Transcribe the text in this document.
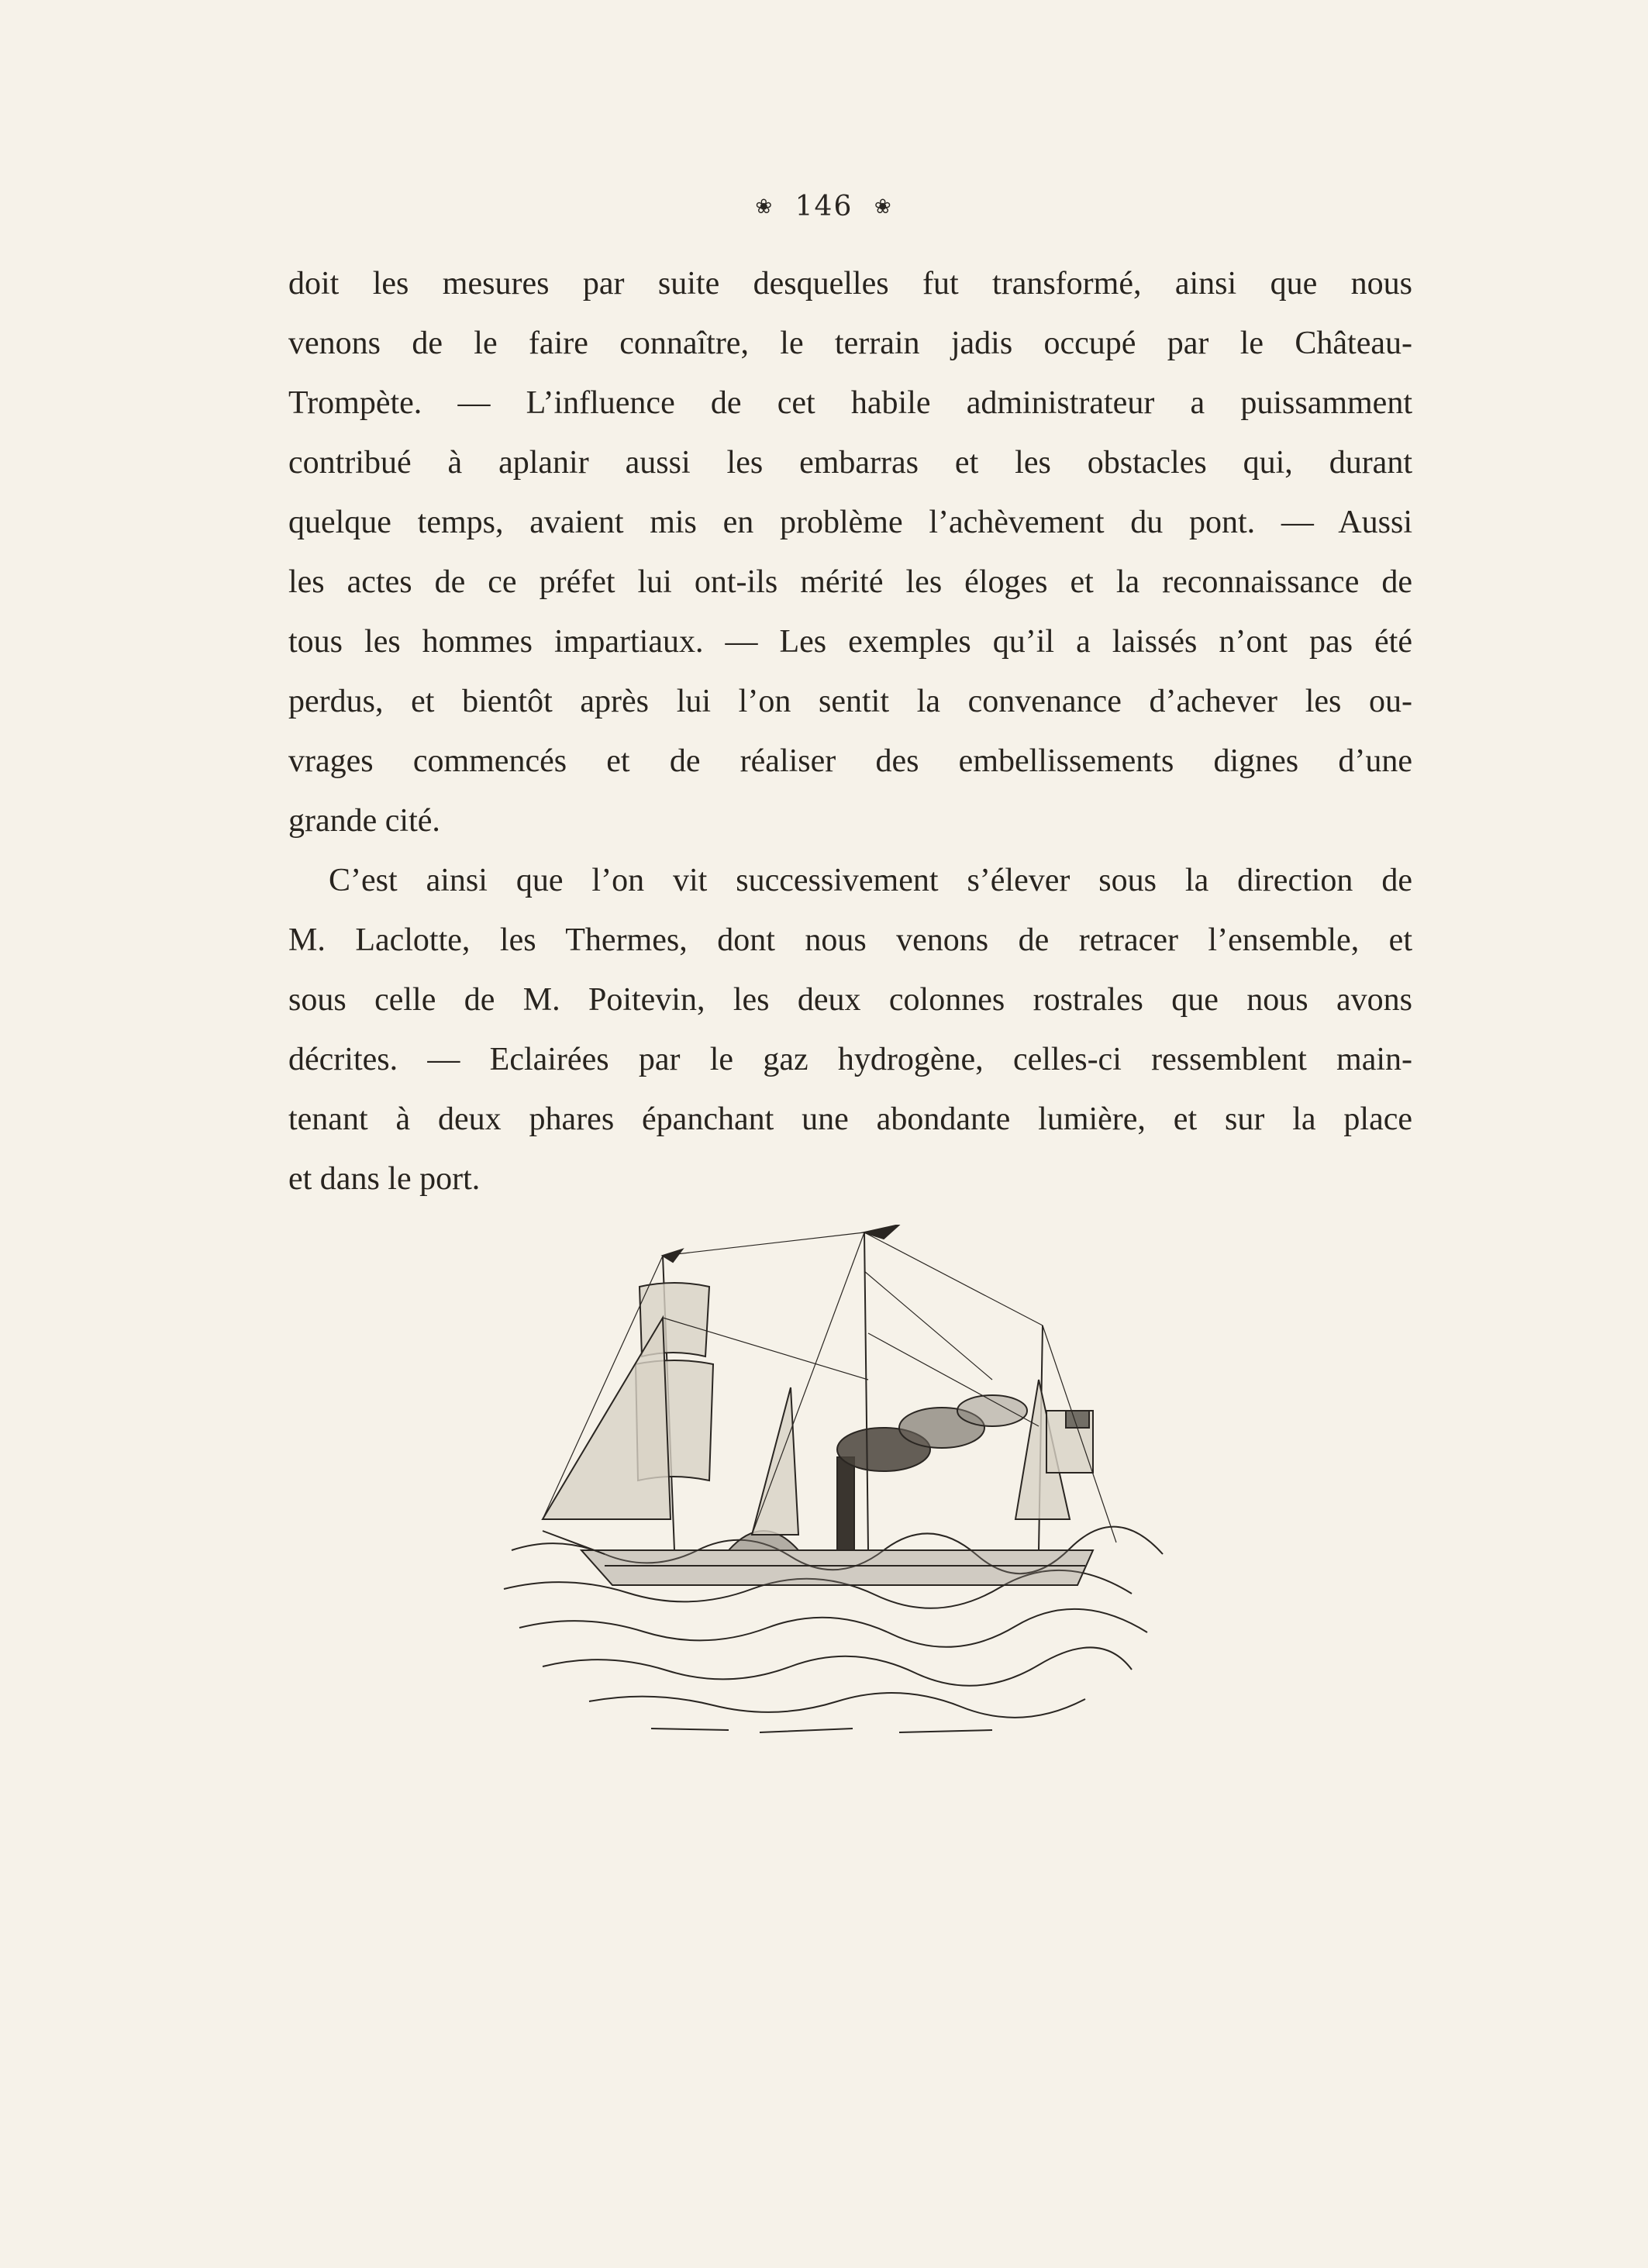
❀ 146 ❀
doit les mesures par suite desquelles fut transformé, ainsi que nous
venons de le faire connaître, le terrain jadis occupé par le Château-
Trompète. — L’influence de cet habile administrateur a puissamment
contribué à aplanir aussi les embarras et les obstacles qui, durant
quelque temps, avaient mis en problème l’achèvement du pont. — Aussi
les actes de ce préfet lui ont-ils mérité les éloges et la reconnaissance de
tous les hommes impartiaux. — Les exemples qu’il a laissés n’ont pas été
perdus, et bientôt après lui l’on sentit la convenance d’achever les ou-
vrages commencés et de réaliser des embellissements dignes d’une
grande cité.
C’est ainsi que l’on vit successivement s’élever sous la direction de
M. Laclotte, les Thermes, dont nous venons de retracer l’ensemble, et
sous celle de M. Poitevin, les deux colonnes rostrales que nous avons
décrites. — Eclairées par le gaz hydrogène, celles-ci ressemblent main-
tenant à deux phares épanchant une abondante lumière, et sur la place
et dans le port.
